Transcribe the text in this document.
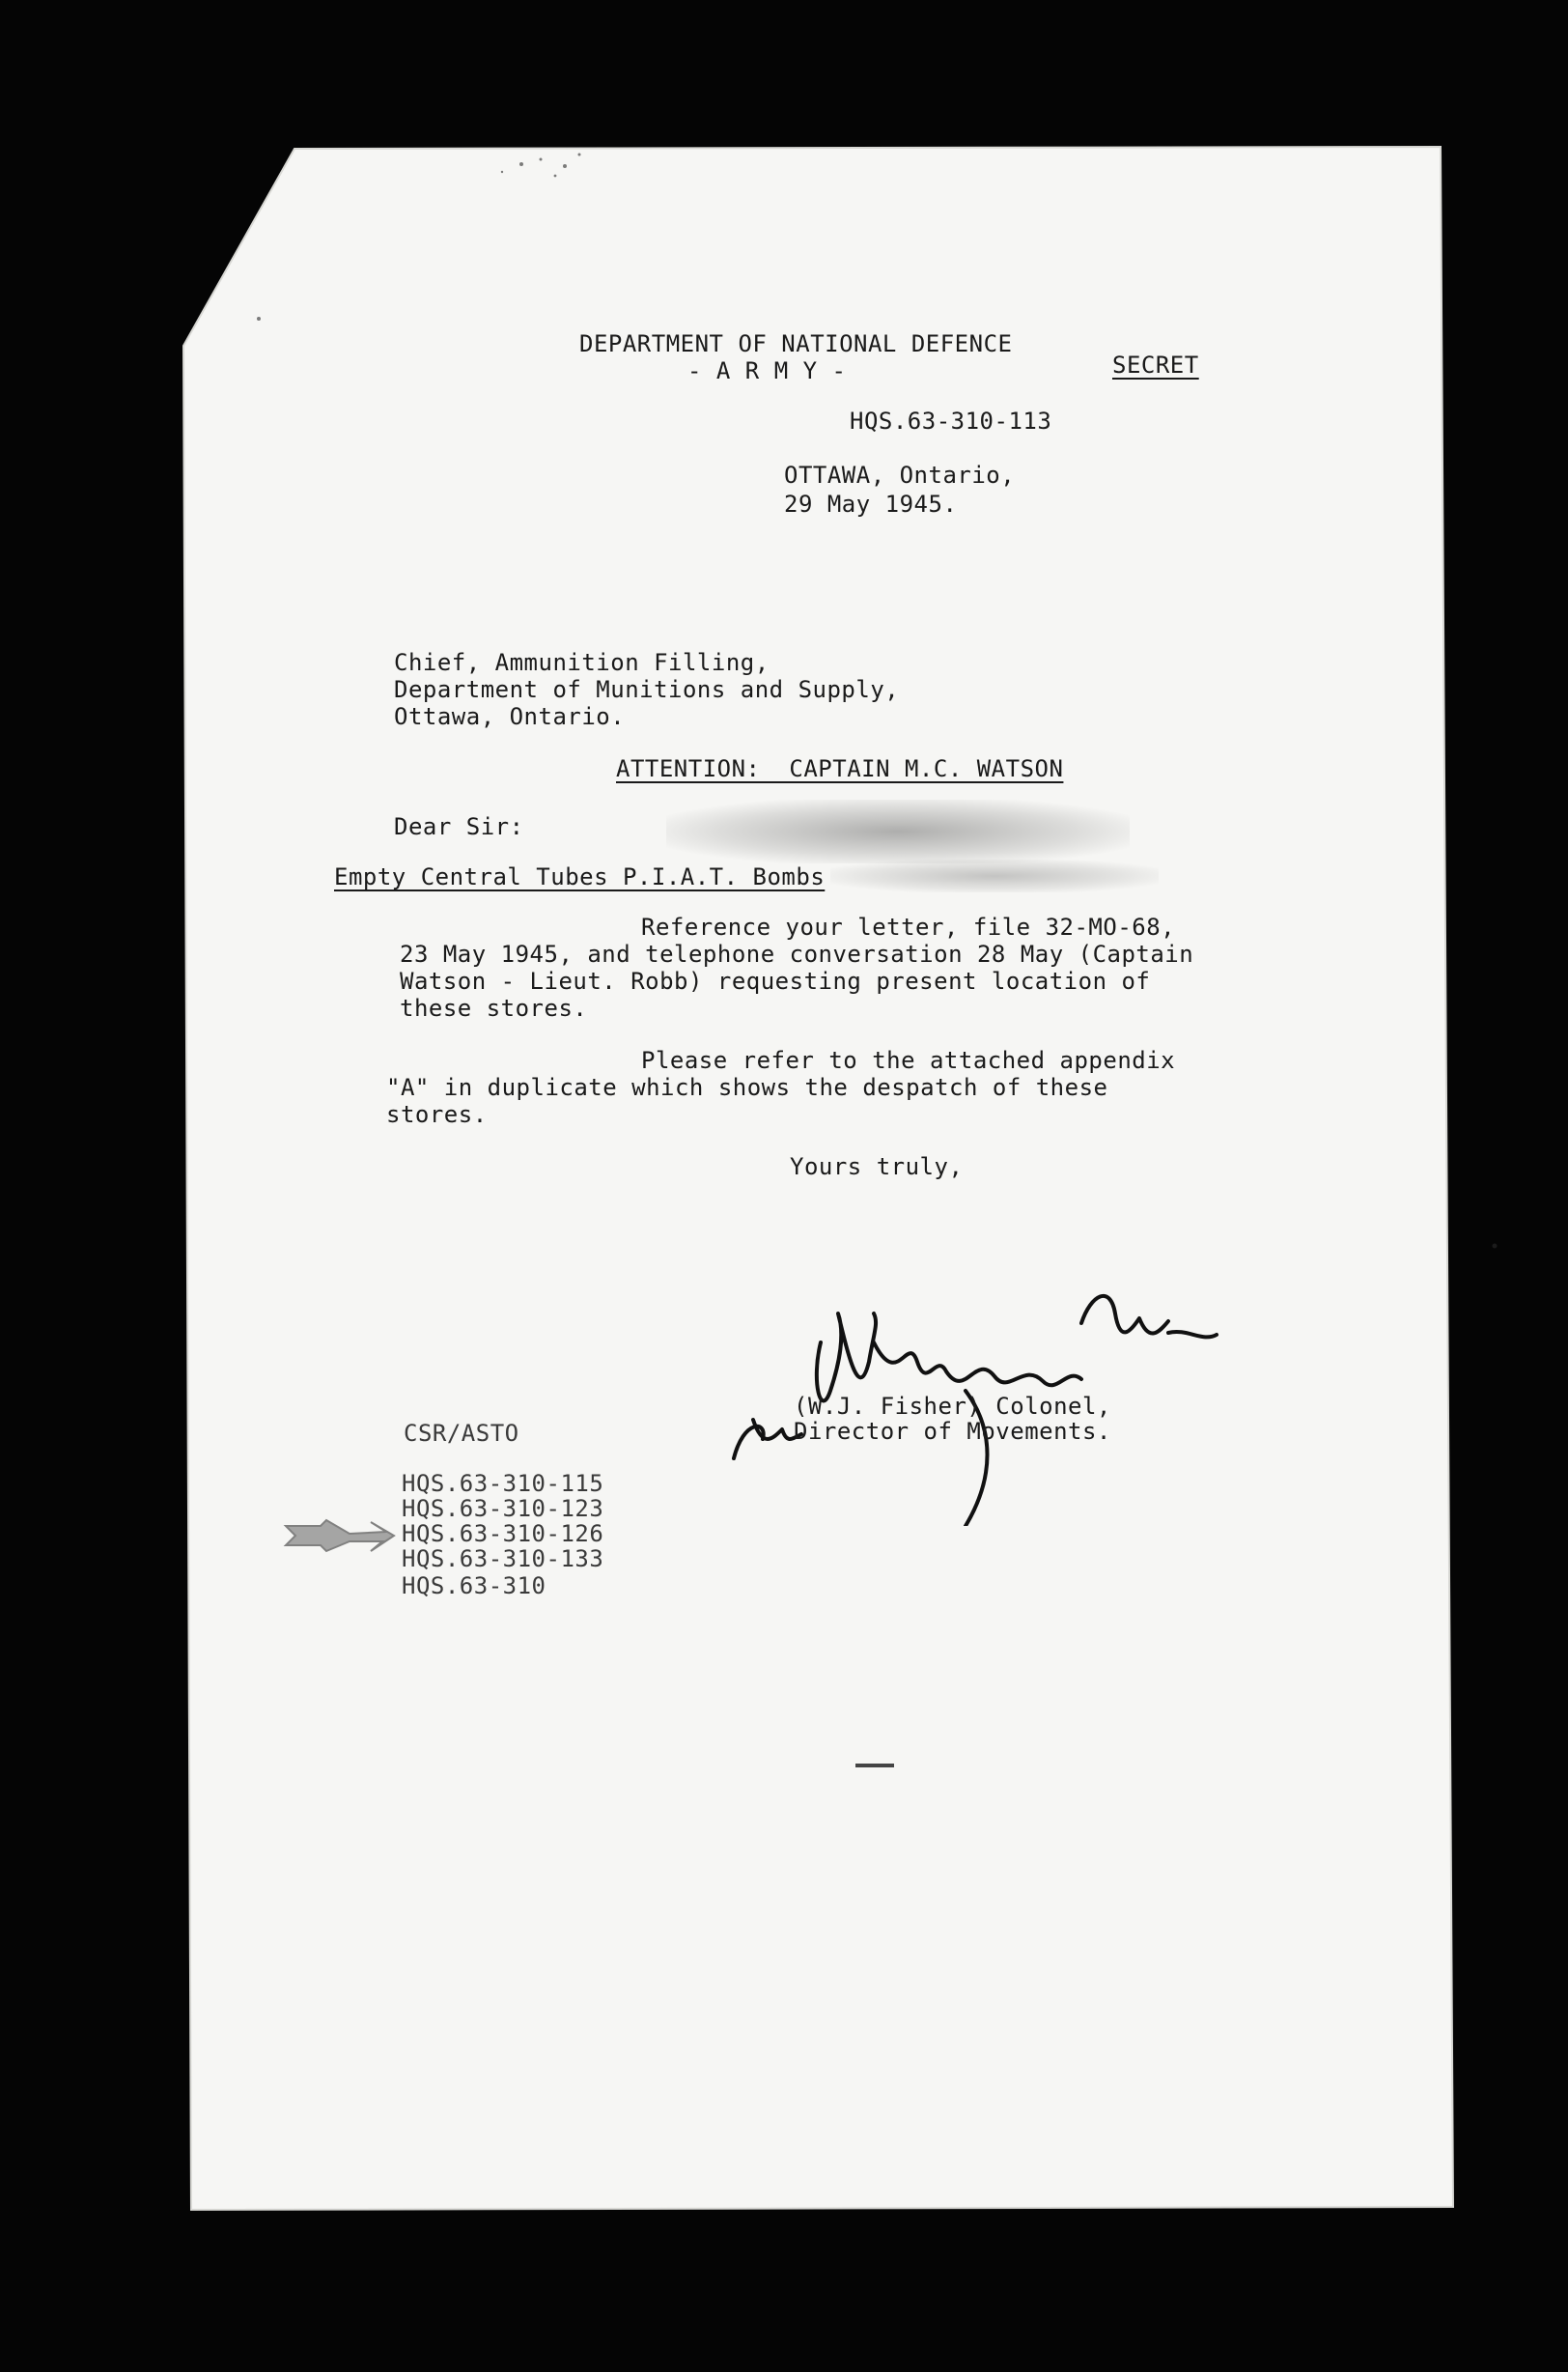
DEPARTMENT OF NATIONAL DEFENCE
- A R M Y -	SECRET
HQS.63-310-113
OTTAWA, Ontario,
29 May 1945.
Chief, Ammunition Filling,
Department of Munitions and Supply,
Ottawa, Ontario.
ATTENTION:  CAPTAIN M.C. WATSON
Dear Sir:
Empty Central Tubes P.I.A.T. Bombs
Reference your letter, file 32-MO-68,
23 May 1945, and telephone conversation 28 May (Captain
Watson - Lieut. Robb) requesting present location of
these stores.
Please refer to the attached appendix
"A" in duplicate which shows the despatch of these
stores.
Yours truly,
(W.J. Fisher) Colonel,
Director of Movements.
CSR/ASTO
HQS.63-310-115
HQS.63-310-123
HQS.63-310-126
HQS.63-310-133
HQS.63-310
